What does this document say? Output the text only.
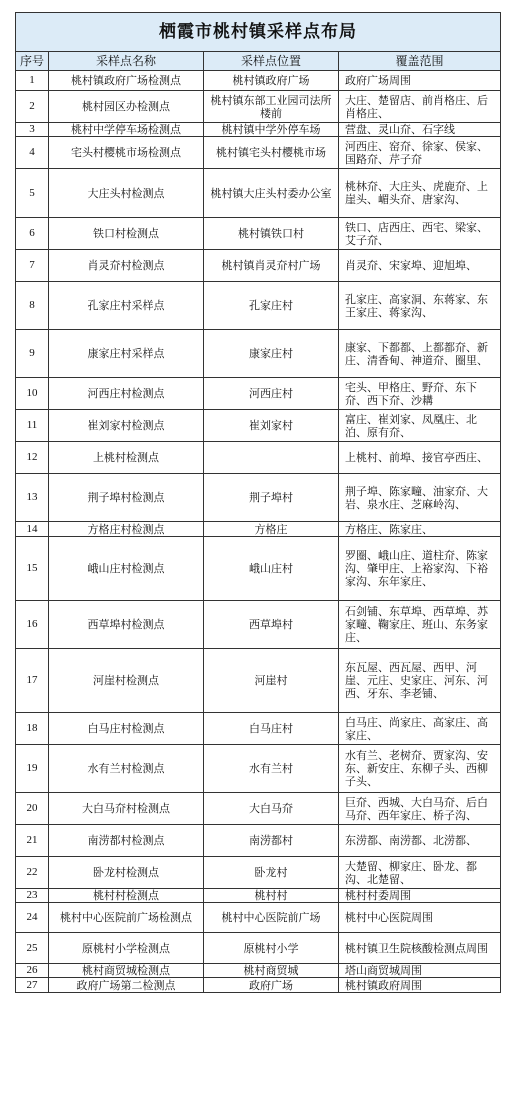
栖霞市桃村镇采样点布局			
序号	采样点名称	采样点位置	覆盖范围
1	桃村镇政府广场检测点	桃村镇政府广场	政府广场周围
2	桃村园区办检测点	桃村镇东部工业园司法所楼前	大庄、楚留店、前肖格庄、后肖格庄、
3	桃村中学停车场检测点	桃村镇中学外停车场	营盘、灵山夼、石字线
4	宅头村樱桃市场检测点	桃村镇宅头村樱桃市场	河西庄、窑夼、徐家、侯家、国路夼、芹子夼
5	大庄头村检测点	桃村镇大庄头村委办公室	桃林夼、大庄头、虎鹿夼、上崖头、嵋头夼、唐家沟、
6	铁口村检测点	桃村镇铁口村	铁口、店西庄、西宅、梁家、艾子夼、
7	肖灵夼村检测点	桃村镇肖灵夼村广场	肖灵夼、宋家埠、迎旭埠、
8	孔家庄村采样点	孔家庄村	孔家庄、高家洞、东蒋家、东王家庄、蒋家沟、
9	康家庄村采样点	康家庄村	康家、下都都、上都都夼、新庄、清香甸、神道夼、圈里、
10	河西庄村检测点	河西庄村	宅头、甲格庄、野夼、东下夼、西下夼、沙耩
11	崔刘家村检测点	崔刘家村	富庄、崔刘家、凤凰庄、北泊、原有夼、
12	上桃村检测点		上桃村、前埠、接官亭西庄、
13	荆子埠村检测点	荆子埠村	荆子埠、陈家疃、油家夼、大岩、泉水庄、芝麻岭沟、
14	方格庄村检测点	方格庄	方格庄、陈家庄、
15	峨山庄村检测点	峨山庄村	罗圈、峨山庄、道柱夼、陈家沟、肇甲庄、上裕家沟、下裕家沟、东年家庄、
16	西草埠村检测点	西草埠村	石剑铺、东草埠、西草埠、苏家疃、鞠家庄、班山、东务家庄、
17	河崖村检测点	河崖村	东瓦屋、西瓦屋、西甲、河崖、元庄、史家庄、河东、河西、牙东、李老铺、
18	白马庄村检测点	白马庄村	白马庄、尚家庄、高家庄、高家庄、
19	水有兰村检测点	水有兰村	水有兰、老树夼、贾家沟、安东、新安庄、东柳子头、西柳子头、
20	大白马夼村检测点	大白马夼	巨夼、西城、大白马夼、后白马夼、西年家庄、桥子沟、
21	南涝都村检测点	南涝都村	东涝都、南涝都、北涝都、
22	卧龙村检测点	卧龙村	大楚留、柳家庄、卧龙、都沟、北楚留、
23	桃村村检测点	桃村村	桃村村委周围
24	桃村中心医院前广场检测点	桃村中心医院前广场	桃村中心医院周围
25	原桃村小学检测点	原桃村小学	桃村镇卫生院核酸检测点周围
26	桃村商贸城检测点	桃村商贸城	塔山商贸城周围
27	政府广场第二检测点	政府广场	桃村镇政府周围
